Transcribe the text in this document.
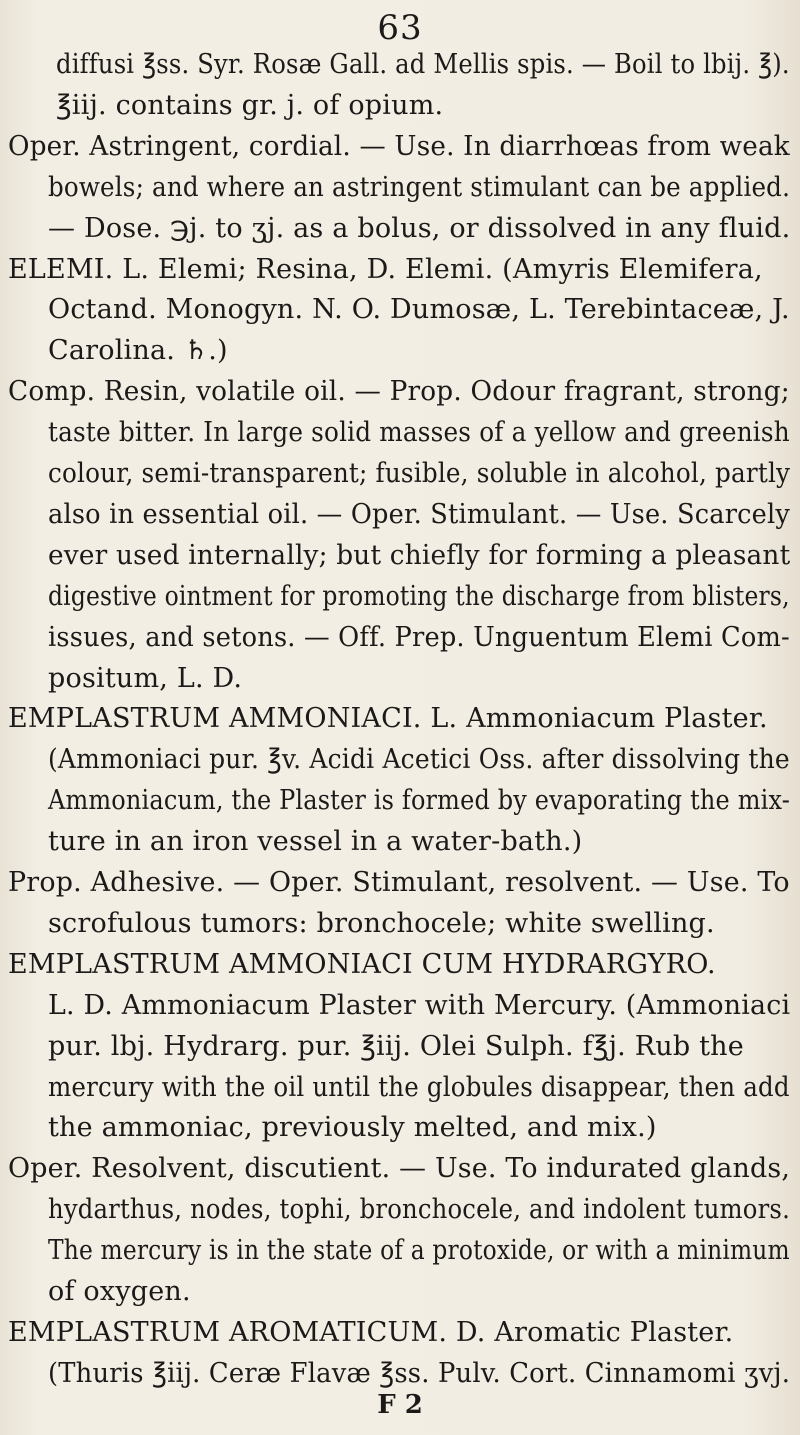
63
diffusi ℥ss. Syr. Rosæ Gall. ad Mellis spis. — Boil to lbij. ℥).
℥iij. contains gr. j. of opium.
Oper. Astringent, cordial. — Use. In diarrhœas from weak
bowels; and where an astringent stimulant can be applied.
— Dose. ℈j. to ʒj. as a bolus, or dissolved in any fluid.
ELEMI. L. Elemi; Resina, D. Elemi. (Amyris Elemifera,
Octand. Monogyn. N. O. Dumosæ, L. Terebintaceæ, J.
Carolina. ♄.)
Comp. Resin, volatile oil. — Prop. Odour fragrant, strong;
taste bitter. In large solid masses of a yellow and greenish
colour, semi-transparent; fusible, soluble in alcohol, partly
also in essential oil. — Oper. Stimulant. — Use. Scarcely
ever used internally; but chiefly for forming a pleasant
digestive ointment for promoting the discharge from blisters,
issues, and setons. — Off. Prep. Unguentum Elemi Com-
positum, L. D.
EMPLASTRUM AMMONIACI. L. Ammoniacum Plaster.
(Ammoniaci pur. ℥v. Acidi Acetici Oss. after dissolving the
Ammoniacum, the Plaster is formed by evaporating the mix-
ture in an iron vessel in a water-bath.)
Prop. Adhesive. — Oper. Stimulant, resolvent. — Use. To
scrofulous tumors: bronchocele; white swelling.
EMPLASTRUM AMMONIACI CUM HYDRARGYRO.
L. D. Ammoniacum Plaster with Mercury. (Ammoniaci
pur. lbj. Hydrarg. pur. ℥iij. Olei Sulph. f℥j. Rub the
mercury with the oil until the globules disappear, then add
the ammoniac, previously melted, and mix.)
Oper. Resolvent, discutient. — Use. To indurated glands,
hydarthus, nodes, tophi, bronchocele, and indolent tumors.
The mercury is in the state of a protoxide, or with a minimum
of oxygen.
EMPLASTRUM AROMATICUM. D. Aromatic Plaster.
(Thuris ℥iij. Ceræ Flavæ ℥ss. Pulv. Cort. Cinnamomi ʒvj.
F 2
